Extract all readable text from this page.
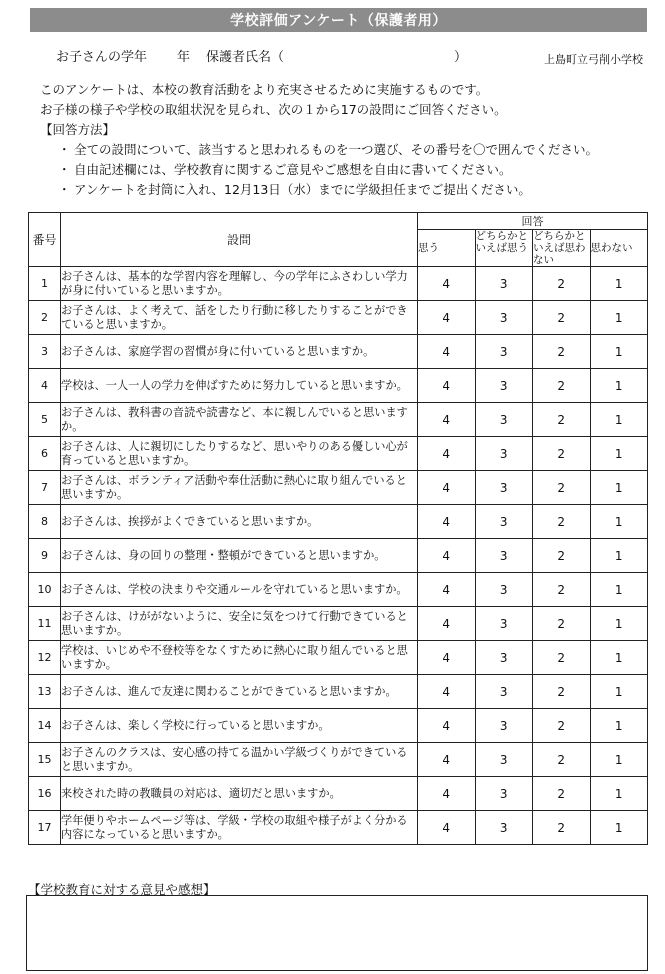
学校評価アンケート（保護者用）
お子さんの学年 年 保護者氏名（	）	上島町立弓削小学校

このアンケートは、本校の教育活動をより充実させるために実施するものです。

お子様の様子や学校の取組状況を見られ、次の１から17の設問にご回答ください。

【回答方法】

・ 全ての設問について、該当すると思われるものを一つ選び、その番号を〇で囲んでください。
・ 自由記述欄には、学校教育に関するご意見やご感想を自由に書いてください。
・ アンケートを封筒に入れ、12月13日（水）までに学級担任までご提出ください。
番号	設問	回答			
		思う	どちらかといえば思う	どちらかといえば思わない	思わない
1	お子さんは、基本的な学習内容を理解し、今の学年にふさわしい学力が身に付いていると思いますか。	4	3	2	1
2	お子さんは、よく考えて、話をしたり行動に移したりすることができていると思いますか。	4	3	2	1
3	お子さんは、家庭学習の習慣が身に付いていると思いますか。	4	3	2	1
4	学校は、一人一人の学力を伸ばすために努力していると思いますか。	4	3	2	1
5	お子さんは、教科書の音読や読書など、本に親しんでいると思いますか。	4	3	2	1
6	お子さんは、人に親切にしたりするなど、思いやりのある優しい心が育っていると思いますか。	4	3	2	1
7	お子さんは、ボランティア活動や奉仕活動に熱心に取り組んでいると思いますか。	4	3	2	1
8	お子さんは、挨拶がよくできていると思いますか。	4	3	2	1
9	お子さんは、身の回りの整理・整頓ができていると思いますか。	4	3	2	1
10	お子さんは、学校の決まりや交通ルールを守れていると思いますか。	4	3	2	1
11	お子さんは、けががないように、安全に気をつけて行動できていると思いますか。	4	3	2	1
12	学校は、いじめや不登校等をなくすために熱心に取り組んでいると思いますか。	4	3	2	1
13	お子さんは、進んで友達に関わることができていると思いますか。	4	3	2	1
14	お子さんは、楽しく学校に行っていると思いますか。	4	3	2	1
15	お子さんのクラスは、安心感の持てる温かい学級づくりができていると思いますか。	4	3	2	1
16	来校された時の教職員の対応は、適切だと思いますか。	4	3	2	1
17	学年便りやホームページ等は、学級・学校の取組や様子がよく分かる内容になっていると思いますか。	4	3	2	1
【学校教育に対する意見や感想】
